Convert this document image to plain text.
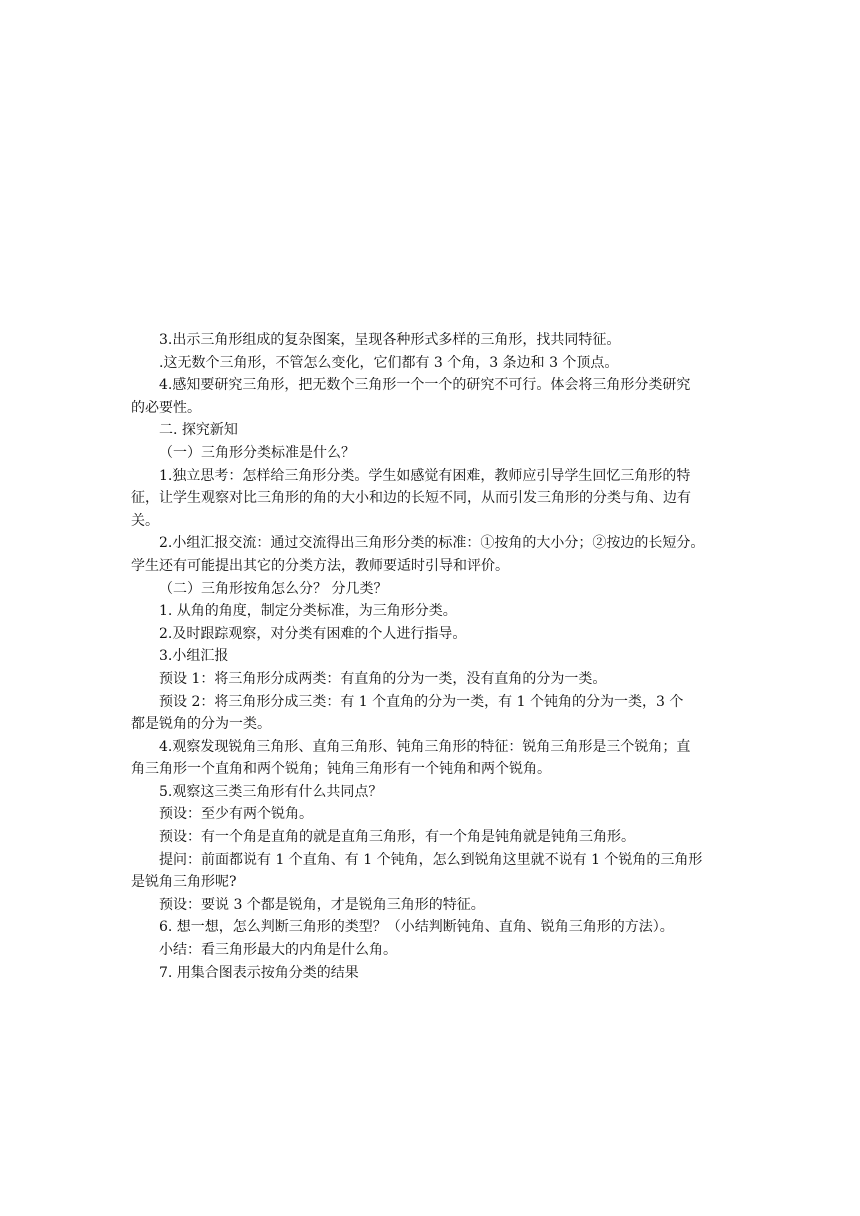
3.出示三角形组成的复杂图案，呈现各种形式多样的三角形，找共同特征。
.这无数个三角形，不管怎么变化，它们都有 3 个角，3 条边和 3 个顶点。
4.感知要研究三角形，把无数个三角形一个一个的研究不可行。体会将三角形分类研究
的必要性。
二. 探究新知
（一）三角形分类标准是什么？
1.独立思考：怎样给三角形分类。学生如感觉有困难，教师应引导学生回忆三角形的特
征，让学生观察对比三角形的角的大小和边的长短不同，从而引发三角形的分类与角、边有
关。
2.小组汇报交流：通过交流得出三角形分类的标准：①按角的大小分；②按边的长短分。
学生还有可能提出其它的分类方法，教师要适时引导和评价。
（二）三角形按角怎么分？ 分几类？
1. 从角的角度，制定分类标准，为三角形分类。
2.及时跟踪观察，对分类有困难的个人进行指导。
3.小组汇报
预设 1：将三角形分成两类：有直角的分为一类，没有直角的分为一类。
预设 2：将三角形分成三类：有 1 个直角的分为一类，有 1 个钝角的分为一类，3 个
都是锐角的分为一类。
4.观察发现锐角三角形、直角三角形、钝角三角形的特征：锐角三角形是三个锐角；直
角三角形一个直角和两个锐角；钝角三角形有一个钝角和两个锐角。
5.观察这三类三角形有什么共同点？
预设：至少有两个锐角。
预设：有一个角是直角的就是直角三角形，有一个角是钝角就是钝角三角形。
提问：前面都说有 1 个直角、有 1 个钝角，怎么到锐角这里就不说有 1 个锐角的三角形
是锐角三角形呢?
预设：要说 3 个都是锐角，才是锐角三角形的特征。
6. 想一想，怎么判断三角形的类型？（小结判断钝角、直角、锐角三角形的方法）。
小结：看三角形最大的内角是什么角。
7. 用集合图表示按角分类的结果
